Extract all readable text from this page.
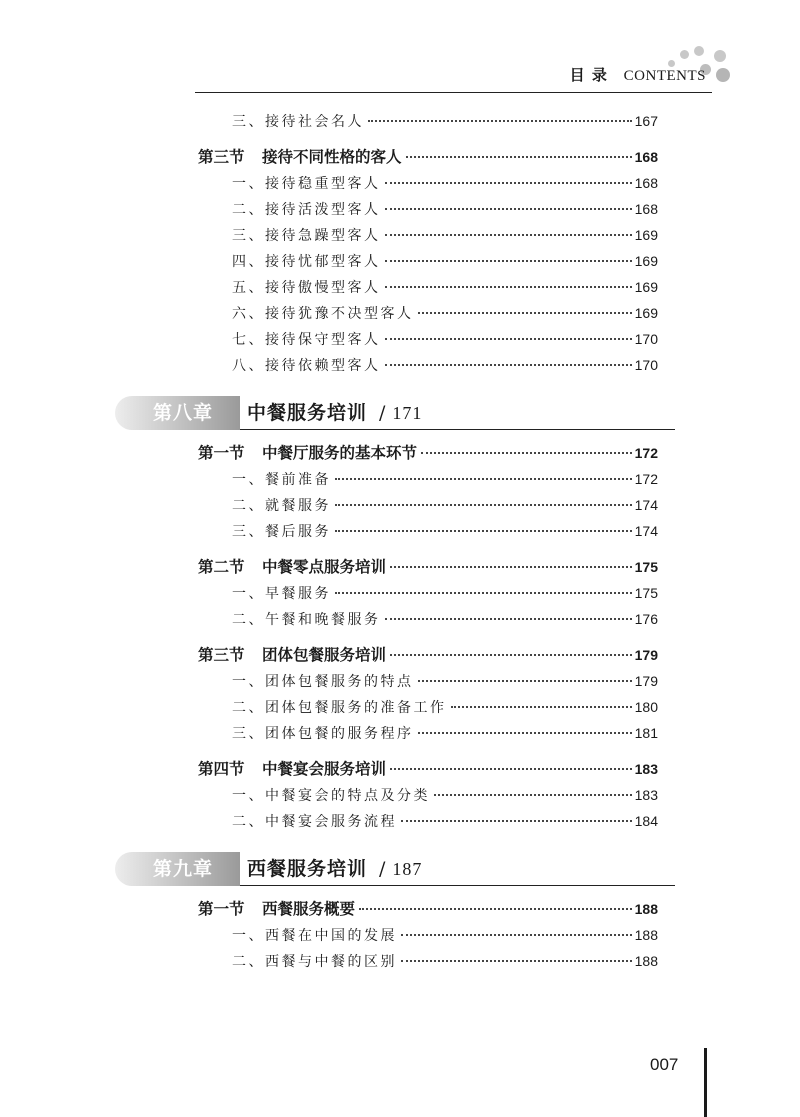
目 录 CONTENTS
三、接待社会名人	167
第三节 接待不同性格的客人	168
一、接待稳重型客人	168
二、接待活泼型客人	168
三、接待急躁型客人	169
四、接待忧郁型客人	169
五、接待傲慢型客人	169
六、接待犹豫不决型客人	169
七、接待保守型客人	170
八、接待依赖型客人	170
第八章 中餐服务培训 / 171
第一节 中餐厅服务的基本环节	172
一、餐前准备	172
二、就餐服务	174
三、餐后服务	174
第二节 中餐零点服务培训	175
一、早餐服务	175
二、午餐和晚餐服务	176
第三节 团体包餐服务培训	179
一、团体包餐服务的特点	179
二、团体包餐服务的准备工作	180
三、团体包餐的服务程序	181
第四节 中餐宴会服务培训	183
一、中餐宴会的特点及分类	183
二、中餐宴会服务流程	184
第九章 西餐服务培训 / 187
第一节 西餐服务概要	188
一、西餐在中国的发展	188
二、西餐与中餐的区别	188
007
